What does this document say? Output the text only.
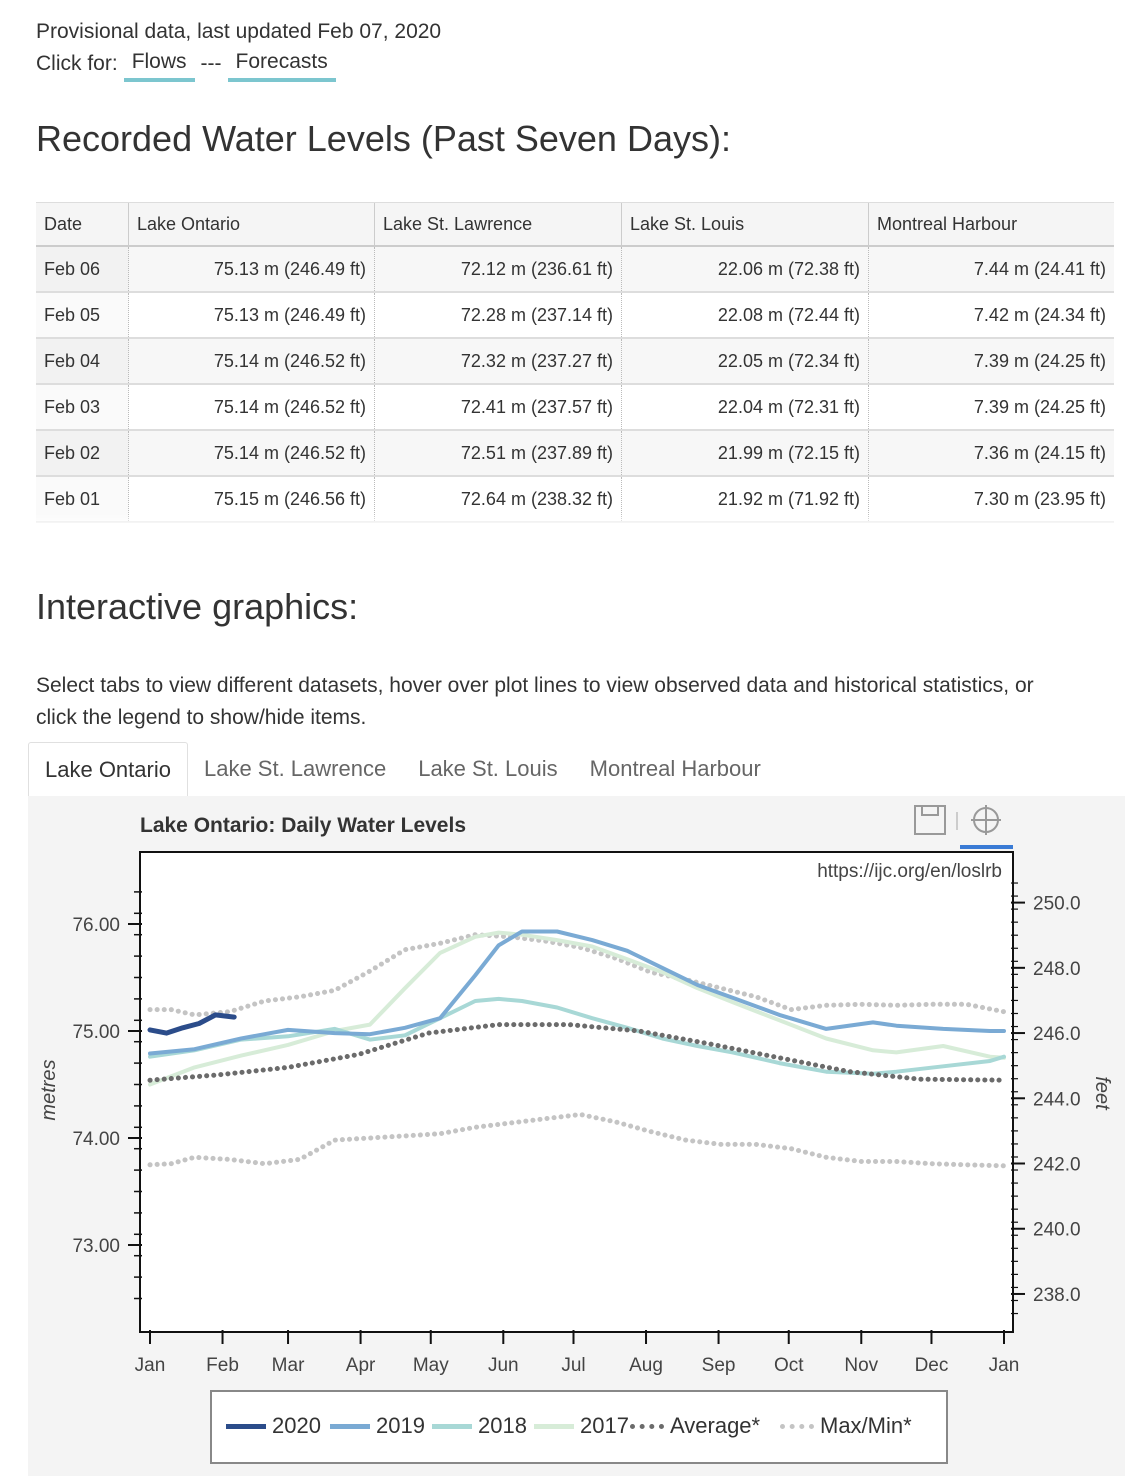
Provisional data, last updated Feb 07, 2020
Click for: Flows --- Forecasts
Recorded Water Levels (Past Seven Days):
Date	Lake Ontario	Lake St. Lawrence	Lake St. Louis	Montreal Harbour
Feb 06	75.13 m (246.49 ft)	72.12 m (236.61 ft)	22.06 m (72.38 ft)	7.44 m (24.41 ft)
Feb 05	75.13 m (246.49 ft)	72.28 m (237.14 ft)	22.08 m (72.44 ft)	7.42 m (24.34 ft)
Feb 04	75.14 m (246.52 ft)	72.32 m (237.27 ft)	22.05 m (72.34 ft)	7.39 m (24.25 ft)
Feb 03	75.14 m (246.52 ft)	72.41 m (237.57 ft)	22.04 m (72.31 ft)	7.39 m (24.25 ft)
Feb 02	75.14 m (246.52 ft)	72.51 m (237.89 ft)	21.99 m (72.15 ft)	7.36 m (24.15 ft)
Feb 01	75.15 m (246.56 ft)	72.64 m (238.32 ft)	21.92 m (71.92 ft)	7.30 m (23.95 ft)
Interactive graphics:
Select tabs to view different datasets, hover over plot lines to view observed data and historical statistics, or click the legend to show/hide items.
Lake Ontario	Lake St. Lawrence	Lake St. Louis	Montreal Harbour
Lake Ontario: Daily Water Levels
https://ijc.org/en/loslrb
76.00
75.00
74.00
73.00
250.0
248.0
246.0
244.0
242.0
240.0
238.0
Jan Feb Mar Apr May Jun Jul Aug Sep Oct Nov Dec Jan
metres	feet
2020	2019 2018 2017 Average*	Max/Min*
